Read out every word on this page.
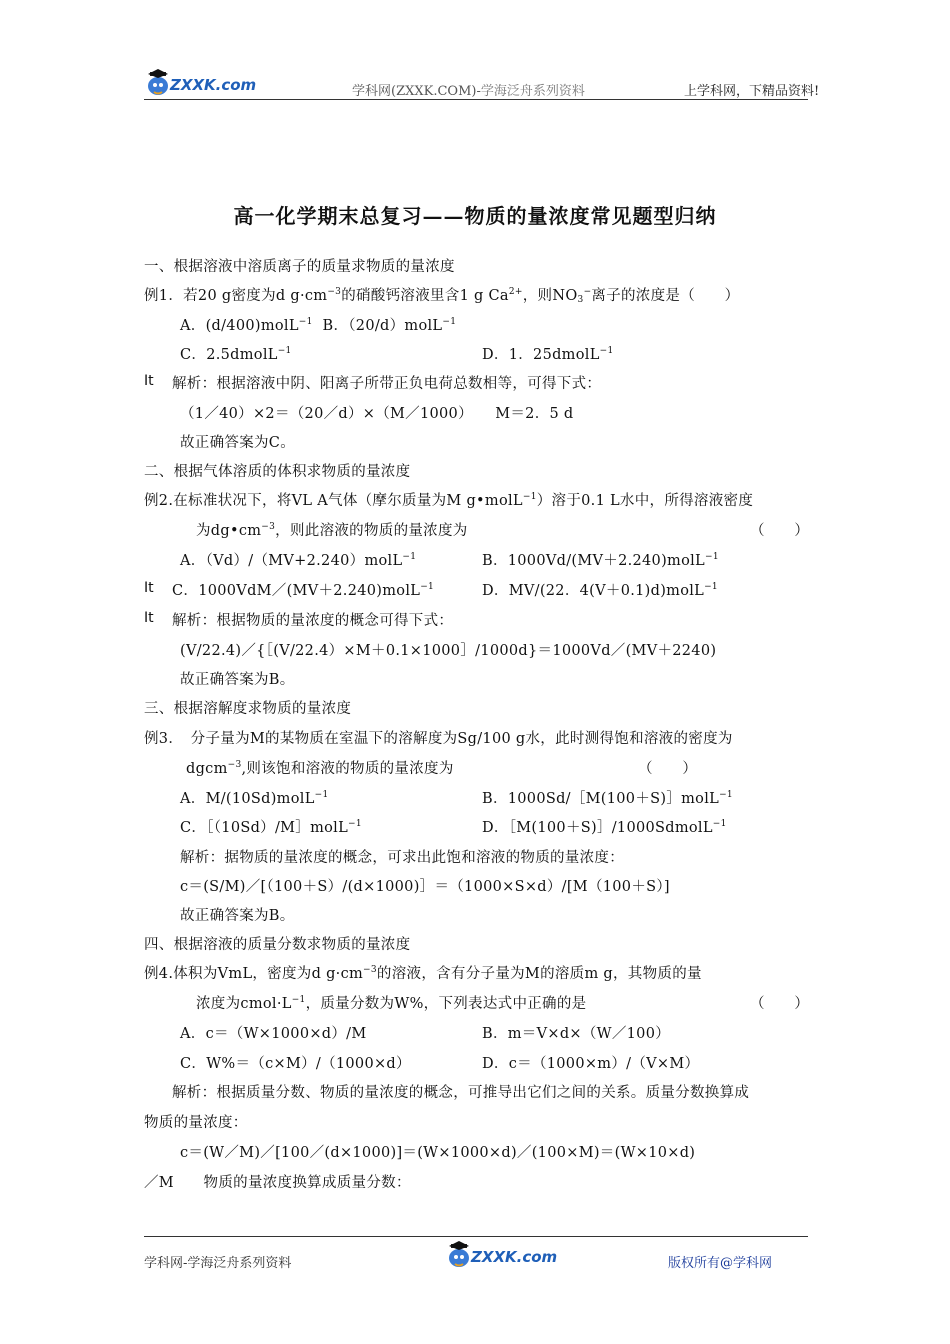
ZXXK.com	学科网(ZXXK.COM)-学海泛舟系列资料	上学科网，下精品资料!
高一化学期末总复习——物质的量浓度常见题型归纳
一、根据溶液中溶质离子的质量求物质的量浓度
例1．若20 g密度为d $g\cdot cm^{-3}$的硝酸钙溶液里含1 g $Ca^{2+}$，则$NO_3^-$离子的浓度是（　　）
A．(d/400)molL$^{-1}$ B．（20/d）molL$^{-1}$
C．2.5dmolL$^{-1}$	D．1．25dmolL$^{-1}$
It 解析：根据溶液中阴、阳离子所带正负电荷总数相等，可得下式：
（1／40）×2＝（20／d）×（M／1000）　　M＝2．5 d
故正确答案为C。
二、根据气体溶质的体积求物质的量浓度
例2.在标准状况下，将VL A气体（摩尔质量为M g•molL$^{-1}$）溶于0.1 L水中，所得溶液密度
为$dg•cm^{-3}$，则此溶液的物质的量浓度为	（　　）
A．（Vd）/（MV+2.240）molL$^{-1}$	B．1000Vd/(MV＋2.240)molL$^{-1}$
It C．1000VdM／(MV＋2.240)molL$^{-1}$	D．MV/(22．4(V＋0.1)d)molL$^{-1}$
It 解析：根据物质的量浓度的概念可得下式：
(V/22.4)／{［(V/22.4）×M＋0.1×1000］/1000d}＝1000Vd／(MV＋2240)
故正确答案为B。
三、根据溶解度求物质的量浓度
例3．　分子量为M的某物质在室温下的溶解度为Sg/100 g水，此时测得饱和溶液的密度为
dgcm$^{-3}$,则该饱和溶液的物质的量浓度为	（　　）
A．M/(10Sd)molL$^{-1}$	B．1000Sd/［M(100＋S)］molL$^{-1}$
C．［（10Sd）/M］molL$^{-1}$	D．［M(100＋S)］/1000SdmolL$^{-1}$
解析：据物质的量浓度的概念，可求出此饱和溶液的物质的量浓度：
c＝(S/M)／[（100＋S）/(d×1000)］＝（1000×S×d）/[M（100＋S）]
故正确答案为B。
四、根据溶液的质量分数求物质的量浓度
例4.体积为VmL，密度为d $g\cdot cm^{-3}$的溶液，含有分子量为M的溶质m g，其物质的量
浓度为$cmol\cdot L^{-1}$，质量分数为W%，下列表达式中正确的是	（　　）
A．c＝（W×1000×d）/M	B．m＝V×d×（W／100）
C．W%＝（c×M）/（1000×d）	D．c＝（1000×m）/（V×M）
解析：根据质量分数、物质的量浓度的概念，可推导出它们之间的关系。质量分数换算成
物质的量浓度：
c＝(W／M)／[100／(d×1000)]＝(W×1000×d)／(100×M)＝(W×10×d)
／M　　物质的量浓度换算成质量分数：
学科网-学海泛舟系列资料	ZXXK.com	版权所有@学科网
